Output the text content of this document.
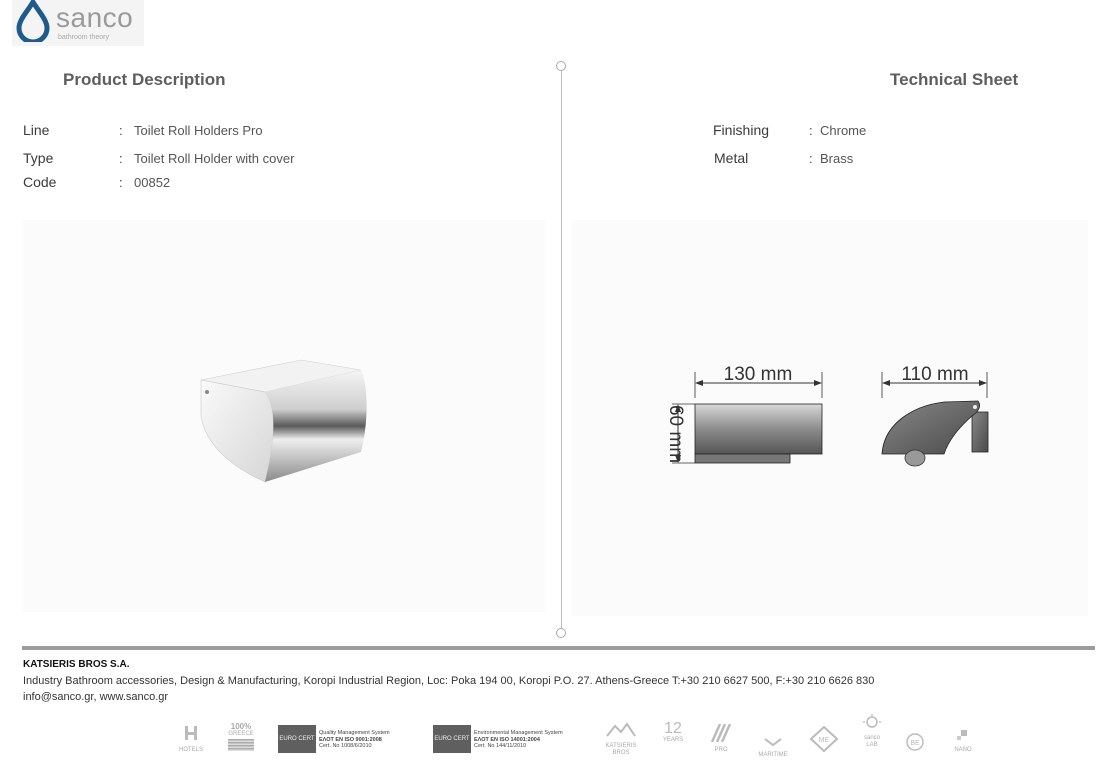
sanco
bathroom theory
Product Description	Technical Sheet
Line	: Toilet Roll Holders Pro
Type	: Toilet Roll Holder with cover
Code	: 00852
Finishing	: Chrome
Metal	: Brass
130 mm
60 mm
110 mm
KATSIERIS BROS S.A.
Industry Bathroom accessories, Design & Manufacturing, Koropi Industrial Region, Loc: Poka 194 00, Koropi P.O. 27. Athens-Greece T:+30 210 6627 500, F:+30 210 6626 830
info@sanco.gr, www.sanco.gr
HOTELS
100%
GREECE
EURO CERT
Quality Management System
ΕΛΟΤ EN ISO 9001:2008
Cert. No 1008/6/2010
EURO CERT
Environmental Management System
ΕΛΟΤ EN ISO 14001:2004
Cert. No 144/11/2010	KATSIERIS BROS
12
YEARS
PRO
MARITIME
ME	sanco LAB	BE
NANO
